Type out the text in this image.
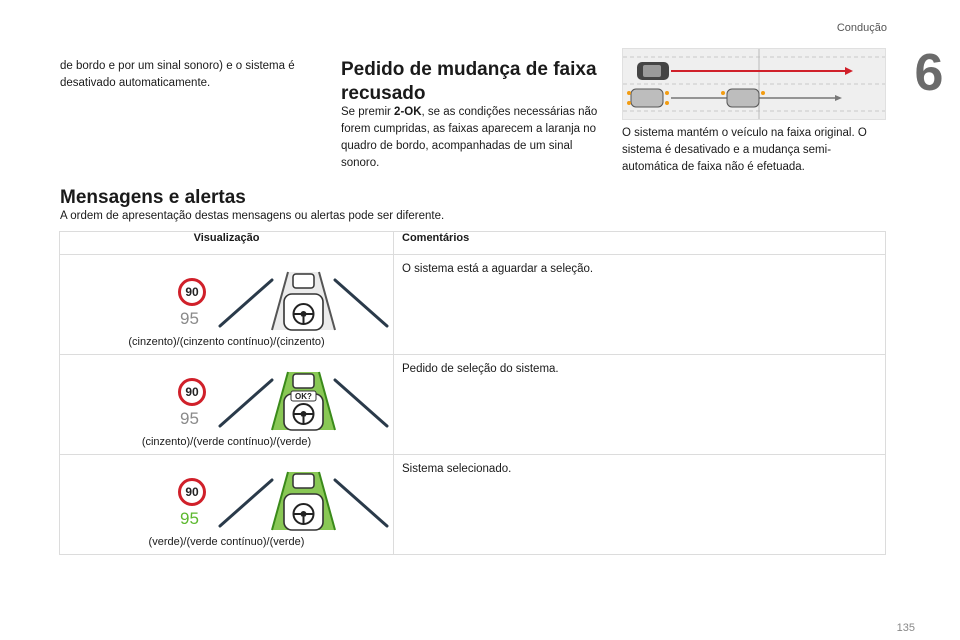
Condução
6
de bordo e por um sinal sonoro) e o sistema é desativado automaticamente.
Pedido de mudança de faixa recusado
Se premir 2-OK, se as condições necessárias não forem cumpridas, as faixas aparecem a laranja no quadro de bordo, acompanhadas de um sinal sonoro.
O sistema mantém o veículo na faixa original. O sistema é desativado e a mudança semi-automática de faixa não é efetuada.
Mensagens e alertas
A ordem de apresentação destas mensagens ou alertas pode ser diferente.
Visualização	Comentários

90
95
(cinzento)/(cinzento contínuo)/(cinzento)	O sistema está a aguardar a seleção.

90
95
OK?
(cinzento)/(verde contínuo)/(verde)	Pedido de seleção do sistema.

90
95
(verde)/(verde contínuo)/(verde)	Sistema selecionado.
135
